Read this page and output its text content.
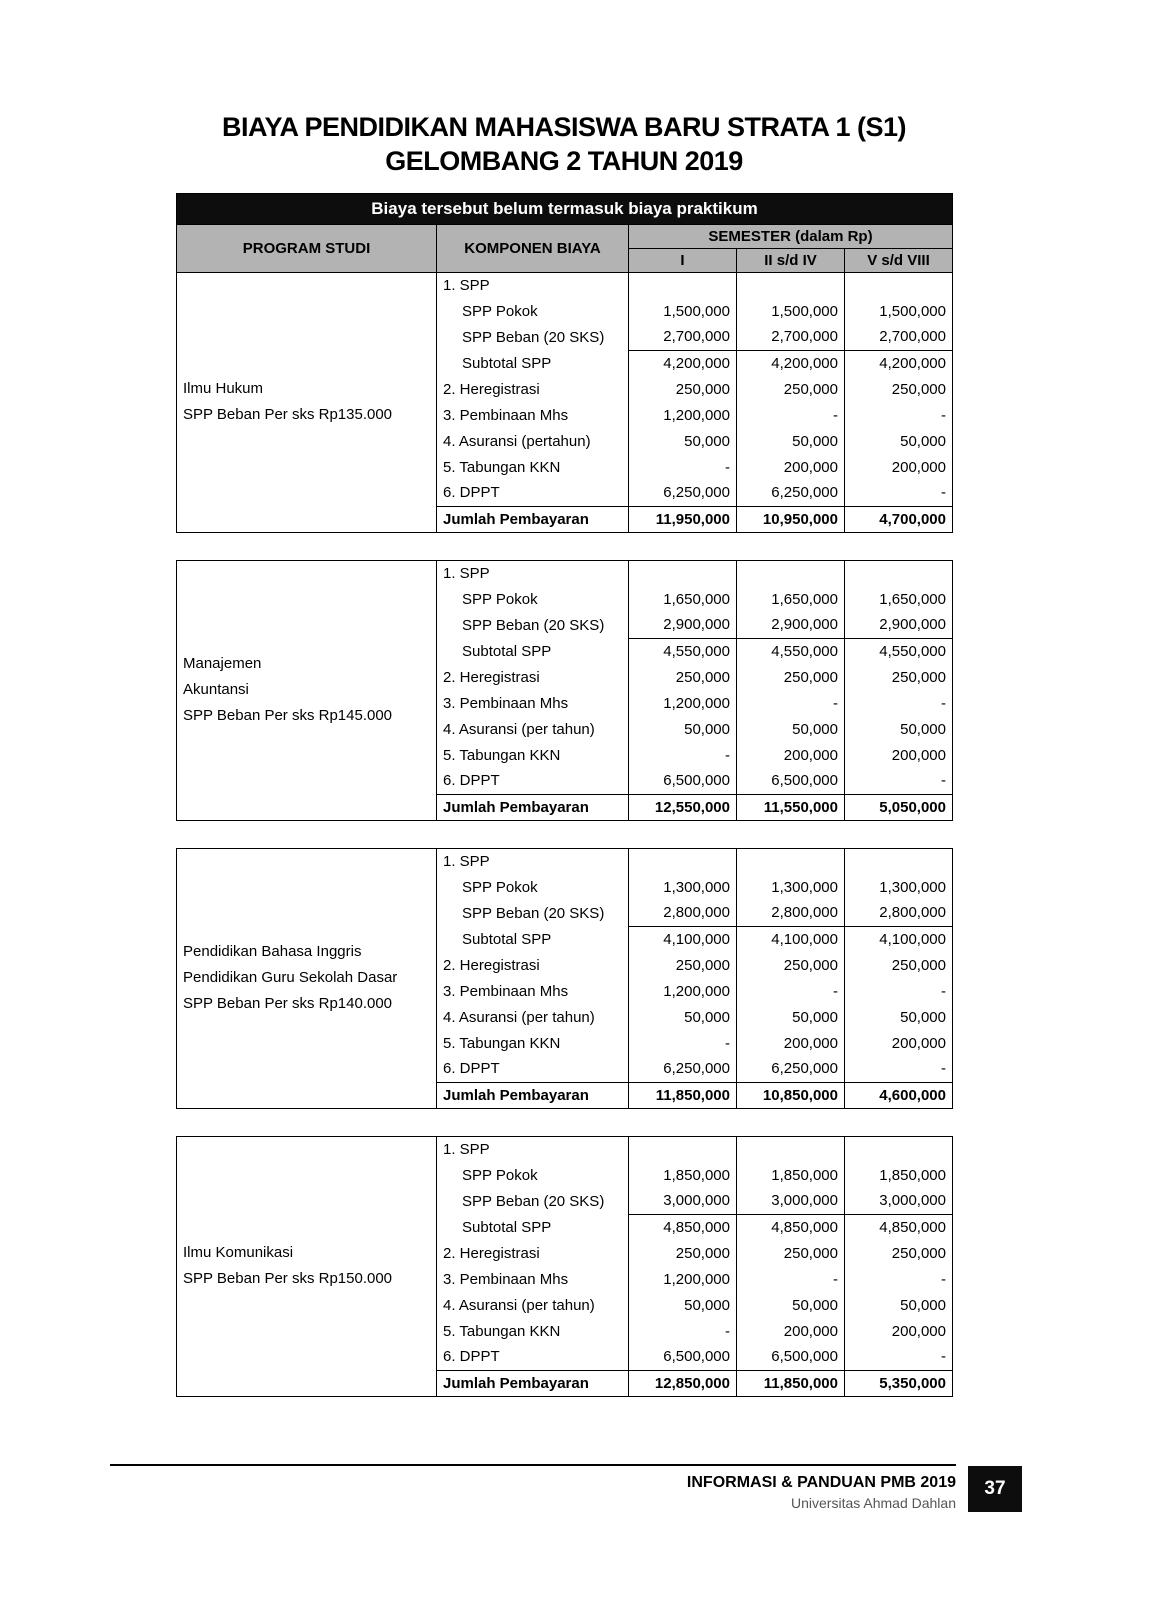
BIAYA PENDIDIKAN MAHASISWA BARU STRATA 1 (S1)
GELOMBANG 2 TAHUN 2019
Biaya tersebut belum termasuk biaya praktikum				
PROGRAM STUDI	KOMPONEN BIAYA	SEMESTER (dalam Rp)		
		I	II s/d IV	V s/d VIII
Ilmu Hukum
SPP Beban Per sks Rp135.000	1. SPP			
	SPP Pokok	1,500,000	1,500,000	1,500,000
	SPP Beban (20 SKS)	2,700,000	2,700,000	2,700,000
	Subtotal SPP	4,200,000	4,200,000	4,200,000
	2. Heregistrasi	250,000	250,000	250,000
	3. Pembinaan Mhs	1,200,000	-	-
	4. Asuransi (pertahun)	50,000	50,000	50,000
	5. Tabungan KKN	-	200,000	200,000
	6. DPPT	6,250,000	6,250,000	-
	Jumlah Pembayaran	11,950,000	10,950,000	4,700,000
Manajemen
Akuntansi
SPP Beban Per sks Rp145.000	1. SPP			
	SPP Pokok	1,650,000	1,650,000	1,650,000
	SPP Beban (20 SKS)	2,900,000	2,900,000	2,900,000
	Subtotal SPP	4,550,000	4,550,000	4,550,000
	2. Heregistrasi	250,000	250,000	250,000
	3. Pembinaan Mhs	1,200,000	-	-
	4. Asuransi (per tahun)	50,000	50,000	50,000
	5. Tabungan KKN	-	200,000	200,000
	6. DPPT	6,500,000	6,500,000	-
	Jumlah Pembayaran	12,550,000	11,550,000	5,050,000
Pendidikan Bahasa Inggris
Pendidikan Guru Sekolah Dasar
SPP Beban Per sks Rp140.000	1. SPP			
	SPP Pokok	1,300,000	1,300,000	1,300,000
	SPP Beban (20 SKS)	2,800,000	2,800,000	2,800,000
	Subtotal SPP	4,100,000	4,100,000	4,100,000
	2. Heregistrasi	250,000	250,000	250,000
	3. Pembinaan Mhs	1,200,000	-	-
	4. Asuransi (per tahun)	50,000	50,000	50,000
	5. Tabungan KKN	-	200,000	200,000
	6. DPPT	6,250,000	6,250,000	-
	Jumlah Pembayaran	11,850,000	10,850,000	4,600,000
Ilmu Komunikasi
SPP Beban Per sks Rp150.000	1. SPP			
	SPP Pokok	1,850,000	1,850,000	1,850,000
	SPP Beban (20 SKS)	3,000,000	3,000,000	3,000,000
	Subtotal SPP	4,850,000	4,850,000	4,850,000
	2. Heregistrasi	250,000	250,000	250,000
	3. Pembinaan Mhs	1,200,000	-	-
	4. Asuransi (per tahun)	50,000	50,000	50,000
	5. Tabungan KKN	-	200,000	200,000
	6. DPPT	6,500,000	6,500,000	-
	Jumlah Pembayaran	12,850,000	11,850,000	5,350,000
INFORMASI & PANDUAN PMB 2019
Universitas Ahmad Dahlan
37
